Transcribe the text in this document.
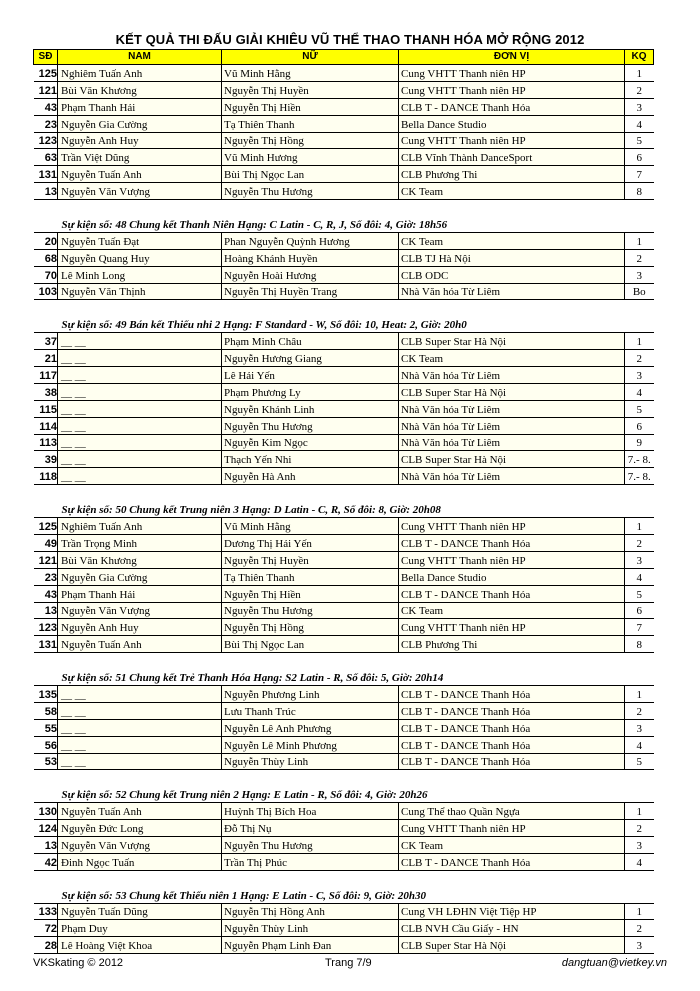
KẾT QUẢ THI ĐẤU GIẢI KHIÊU VŨ THỂ THAO THANH HÓA MỞ RỘNG 2012
SĐ	NAM	NỮ	ĐƠN VỊ	KQ
125	Nghiêm Tuấn Anh	Vũ Minh Hằng	Cung VHTT Thanh niên HP	1
121	Bùi Văn Khương	Nguyễn Thị Huyền	Cung VHTT Thanh niên HP	2
43	Phạm Thanh Hải	Nguyễn Thị Hiền	CLB T - DANCE Thanh Hóa	3
23	Nguyễn Gia Cường	Tạ Thiên Thanh	Bella Dance Studio	4
123	Nguyễn Anh Huy	Nguyễn Thị Hồng	Cung VHTT Thanh niên HP	5
63	Trần Việt Dũng	Vũ Minh Hương	CLB Vĩnh Thành DanceSport	6
131	Nguyễn Tuấn Anh	Bùi Thị Ngọc Lan	CLB Phương Thi	7
13	Nguyễn Văn Vượng	Nguyễn Thu Hương	CK Team	8

Sự kiện số: 48 Chung kết Thanh Niên Hạng: C Latin - C, R, J, Số đôi: 4, Giờ: 18h56				
20	Nguyễn Tuấn Đạt	Phan Nguyễn Quỳnh Hương	CK Team	1
68	Nguyễn Quang Huy	Hoàng Khánh Huyền	CLB TJ Hà Nội	2
70	Lê Minh Long	Nguyễn Hoài Hương	CLB ODC	3
103	Nguyễn Văn Thịnh	Nguyễn Thị Huyền Trang	Nhà Văn hóa Từ Liêm	Bo

Sự kiện số: 49 Bán kết Thiếu nhi 2 Hạng: F Standard - W, Số đôi: 10, Heat: 2, Giờ: 20h0				
37	__ __	Phạm Minh Châu	CLB Super Star Hà Nội	1
21	__ __	Nguyễn Hương Giang	CK Team	2
117	__ __	Lê Hải Yến	Nhà Văn hóa Từ Liêm	3
38	__ __	Phạm Phương Ly	CLB Super Star Hà Nội	4
115	__ __	Nguyễn Khánh Linh	Nhà Văn hóa Từ Liêm	5
114	__ __	Nguyễn Thu Hương	Nhà Văn hóa Từ Liêm	6
113	__ __	Nguyễn Kim Ngọc	Nhà Văn hóa Từ Liêm	9
39	__ __	Thạch Yến Nhi	CLB Super Star Hà Nội	7.- 8.
118	__ __	Nguyễn Hà Anh	Nhà Văn hóa Từ Liêm	7.- 8.

Sự kiện số: 50 Chung kết Trung niên 3 Hạng: D Latin - C, R, Số đôi: 8, Giờ: 20h08				
125	Nghiêm Tuấn Anh	Vũ Minh Hằng	Cung VHTT Thanh niên HP	1
49	Trần Trọng Minh	Dương Thị Hải Yến	CLB T - DANCE Thanh Hóa	2
121	Bùi Văn Khương	Nguyễn Thị Huyền	Cung VHTT Thanh niên HP	3
23	Nguyễn Gia Cường	Tạ Thiên Thanh	Bella Dance Studio	4
43	Phạm Thanh Hải	Nguyễn Thị Hiền	CLB T - DANCE Thanh Hóa	5
13	Nguyễn Văn Vượng	Nguyễn Thu Hương	CK Team	6
123	Nguyễn Anh Huy	Nguyễn Thị Hồng	Cung VHTT Thanh niên HP	7
131	Nguyễn Tuấn Anh	Bùi Thị Ngọc Lan	CLB Phương Thi	8

Sự kiện số: 51 Chung kết Trẻ Thanh Hóa Hạng: S2 Latin - R, Số đôi: 5, Giờ: 20h14				
135	__ __	Nguyễn Phương Linh	CLB T - DANCE Thanh Hóa	1
58	__ __	Lưu Thanh Trúc	CLB T - DANCE Thanh Hóa	2
55	__ __	Nguyễn Lê Anh Phương	CLB T - DANCE Thanh Hóa	3
56	__ __	Nguyễn Lê Minh Phương	CLB T - DANCE Thanh Hóa	4
53	__ __	Nguyễn Thùy Linh	CLB T - DANCE Thanh Hóa	5

Sự kiện số: 52 Chung kết Trung niên 2 Hạng: E Latin - R, Số đôi: 4, Giờ: 20h26				
130	Nguyễn Tuấn Anh	Huỳnh Thị Bích Hoa	Cung Thể thao Quần Ngựa	1
124	Nguyễn Đức Long	Đỗ Thị Nụ	Cung VHTT Thanh niên HP	2
13	Nguyễn Văn Vượng	Nguyễn Thu Hương	CK Team	3
42	Đinh Ngọc Tuấn	Trần Thị Phúc	CLB T - DANCE Thanh Hóa	4

Sự kiện số: 53 Chung kết Thiếu niên 1 Hạng: E Latin - C, Số đôi: 9, Giờ: 20h30				
133	Nguyễn Tuấn Dũng	Nguyễn Thị Hồng Anh	Cung VH LĐHN Việt Tiệp HP	1
72	Phạm Duy	Nguyễn Thùy Linh	CLB NVH Cầu Giấy - HN	2
28	Lê Hoàng Việt Khoa	Nguyễn Phạm Linh Đan	CLB Super Star Hà Nội	3
VKSkating © 2012	Trang 7/9	dangtuan@vietkey.vn
